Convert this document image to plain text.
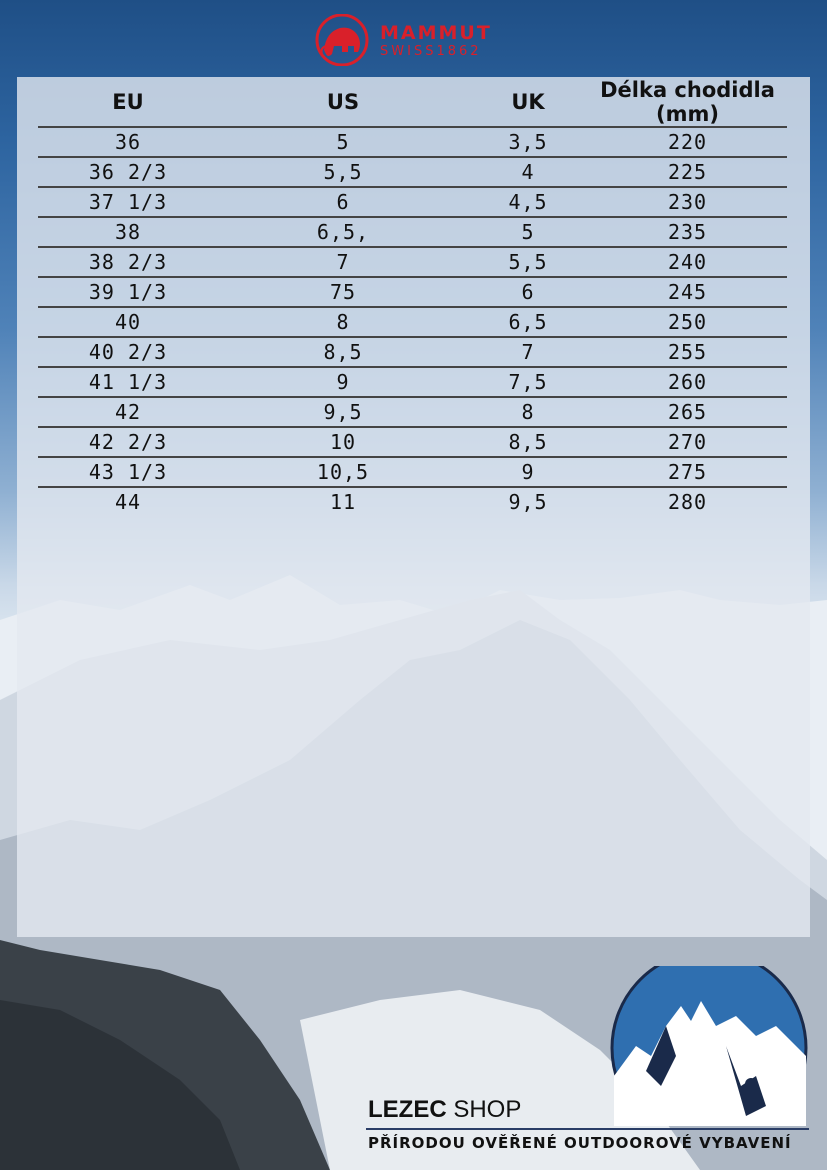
MAMMUT
SWISS1862
EU	US	UK	Délka chodidla (mm)
36	5	3,5	220
36 2/3	5,5	4	225
37 1/3	6	4,5	230
38	6,5,	5	235
38 2/3	7	5,5	240
39 1/3	75	6	245
40	8	6,5	250
40 2/3	8,5	7	255
41 1/3	9	7,5	260
42	9,5	8	265
42 2/3	10	8,5	270
43 1/3	10,5	9	275
44	11	9,5	280
LEZEC SHOP
PŘÍRODOU OVĚŘENÉ OUTDOOROVÉ VYBAVENÍ
